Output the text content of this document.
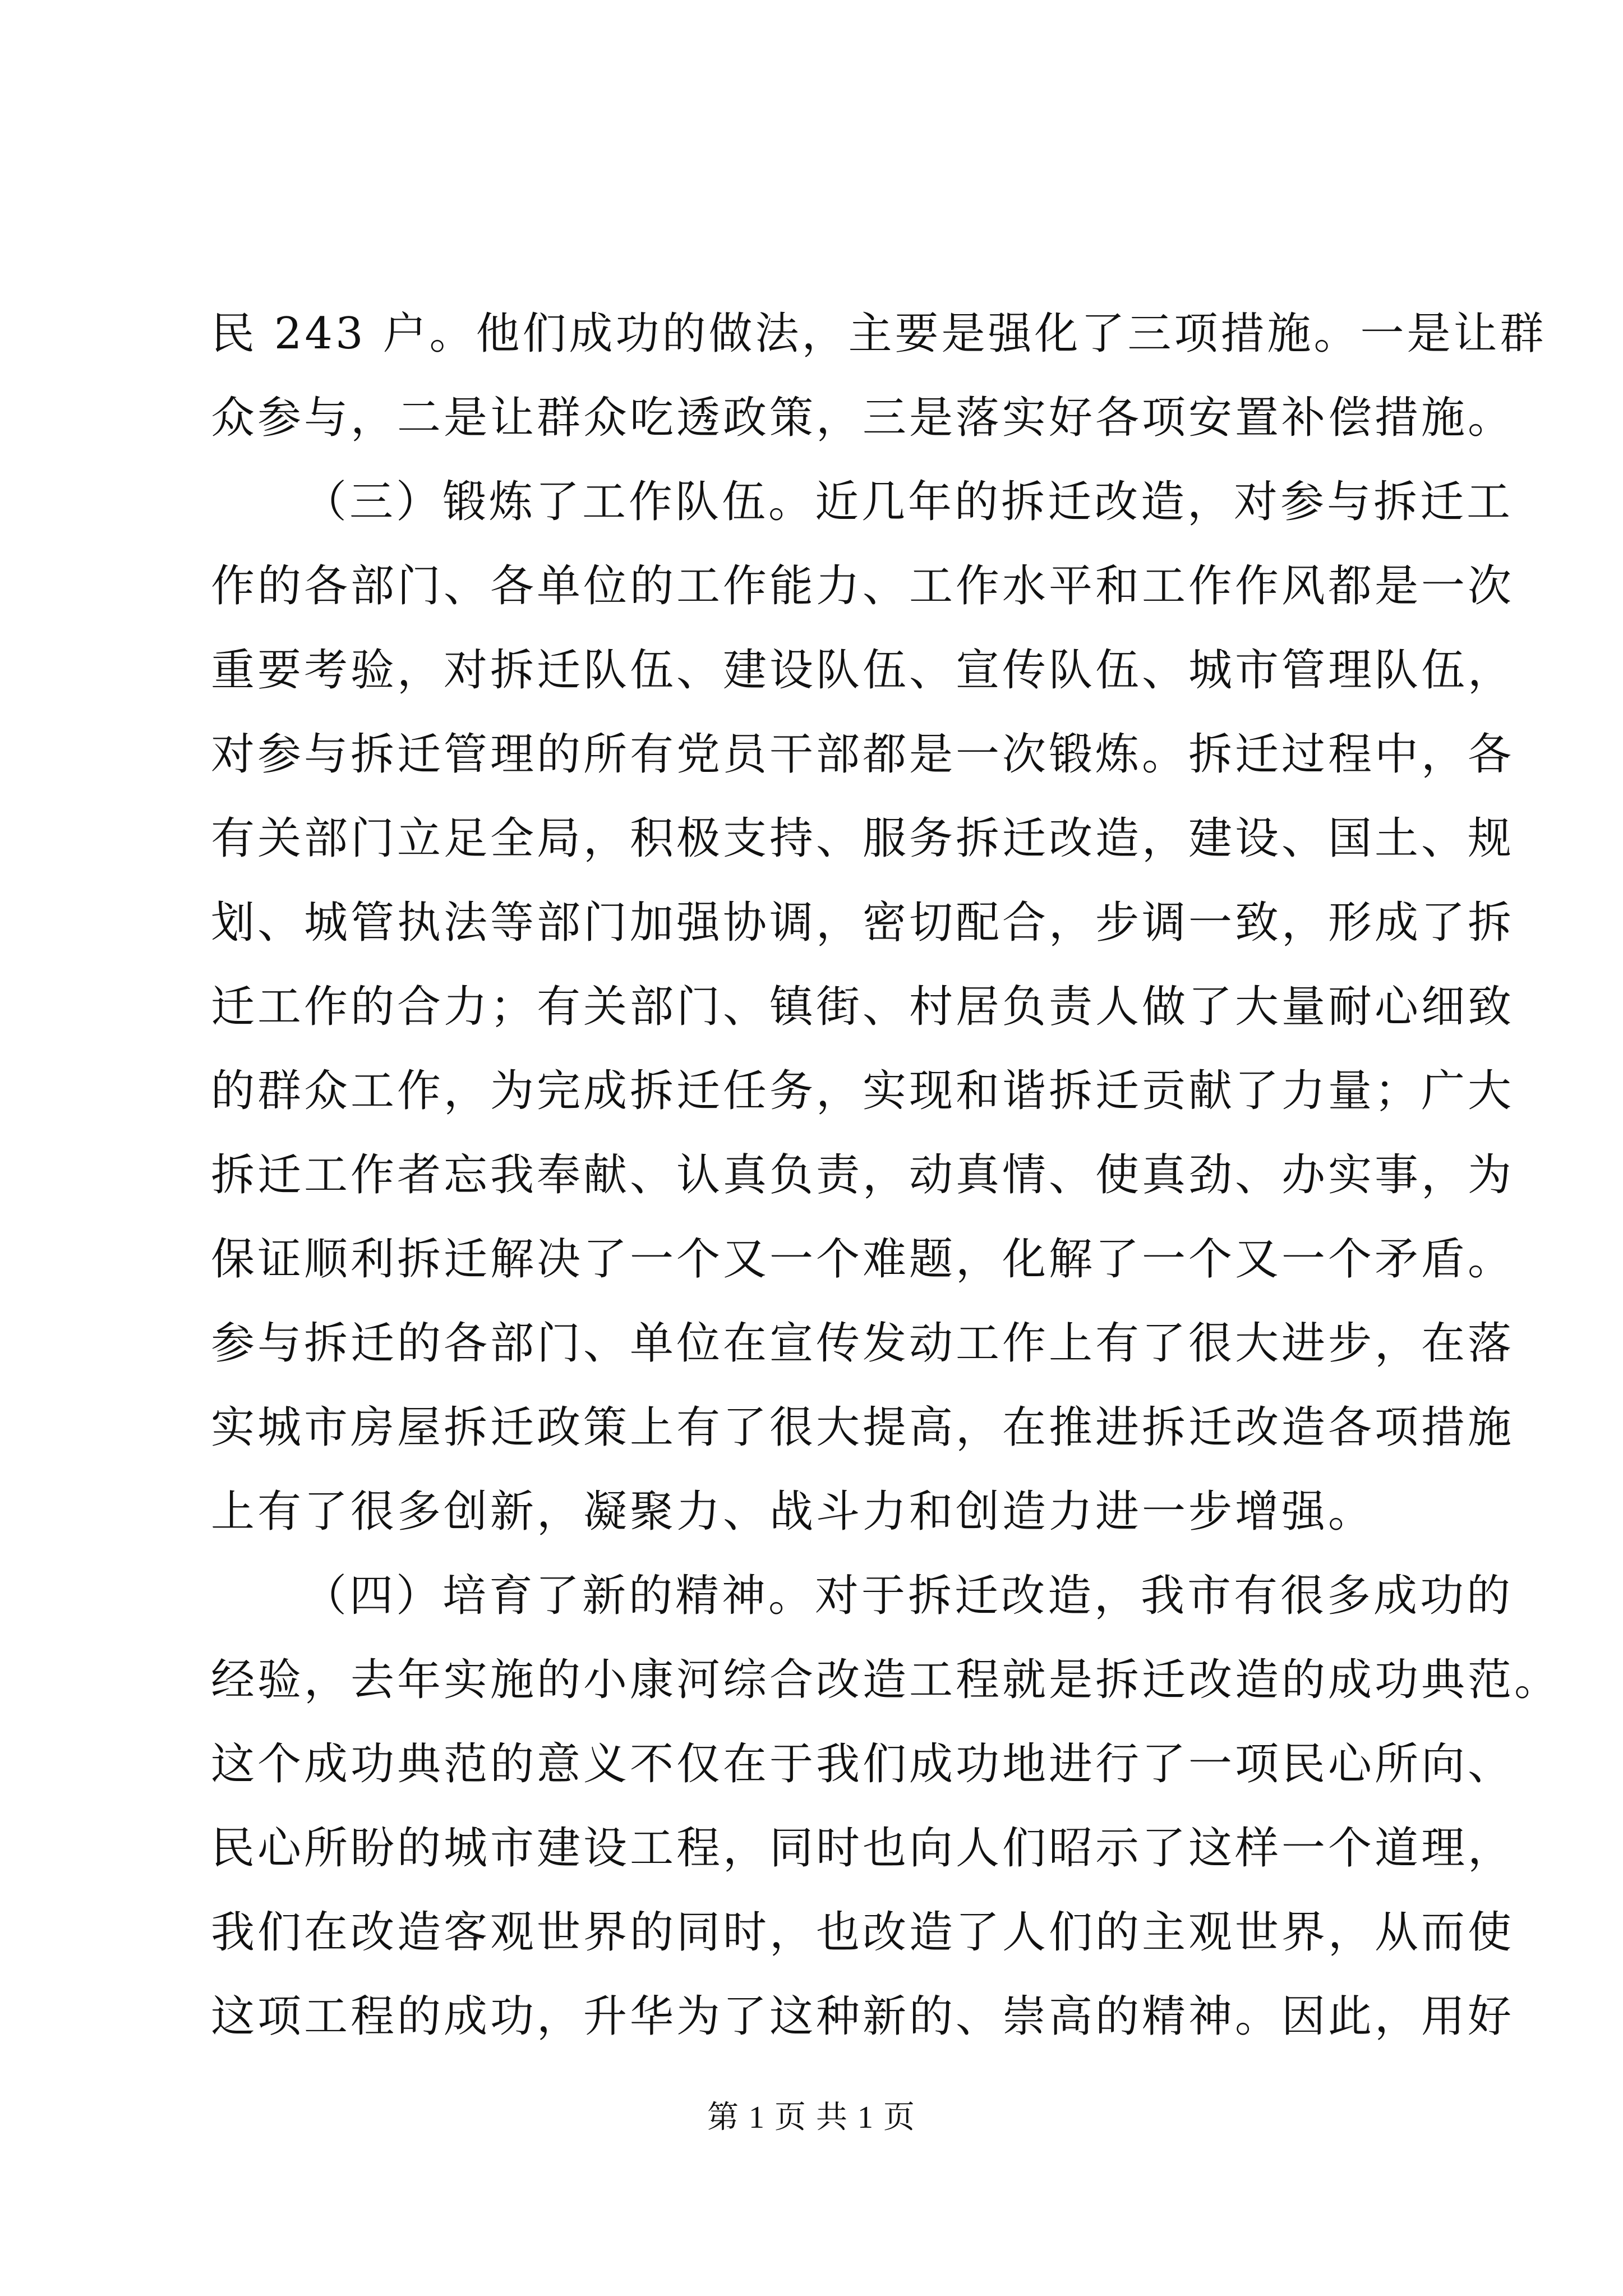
民 243 户。他们成功的做法，主要是强化了三项措施。一是让群
众参与，二是让群众吃透政策，三是落实好各项安置补偿措施。
（三）锻炼了工作队伍。近几年的拆迁改造，对参与拆迁工
作的各部门、各单位的工作能力、工作水平和工作作风都是一次
重要考验，对拆迁队伍、建设队伍、宣传队伍、城市管理队伍，
对参与拆迁管理的所有党员干部都是一次锻炼。拆迁过程中，各
有关部门立足全局，积极支持、服务拆迁改造，建设、国土、规
划、城管执法等部门加强协调，密切配合，步调一致，形成了拆
迁工作的合力；有关部门、镇街、村居负责人做了大量耐心细致
的群众工作，为完成拆迁任务，实现和谐拆迁贡献了力量；广大
拆迁工作者忘我奉献、认真负责，动真情、使真劲、办实事，为
保证顺利拆迁解决了一个又一个难题，化解了一个又一个矛盾。
参与拆迁的各部门、单位在宣传发动工作上有了很大进步，在落
实城市房屋拆迁政策上有了很大提高，在推进拆迁改造各项措施
上有了很多创新，凝聚力、战斗力和创造力进一步增强。
（四）培育了新的精神。对于拆迁改造，我市有很多成功的
经验，去年实施的小康河综合改造工程就是拆迁改造的成功典范。
这个成功典范的意义不仅在于我们成功地进行了一项民心所向、
民心所盼的城市建设工程，同时也向人们昭示了这样一个道理，
我们在改造客观世界的同时，也改造了人们的主观世界，从而使
这项工程的成功，升华为了这种新的、崇高的精神。因此，用好
第 1 页 共 1 页
